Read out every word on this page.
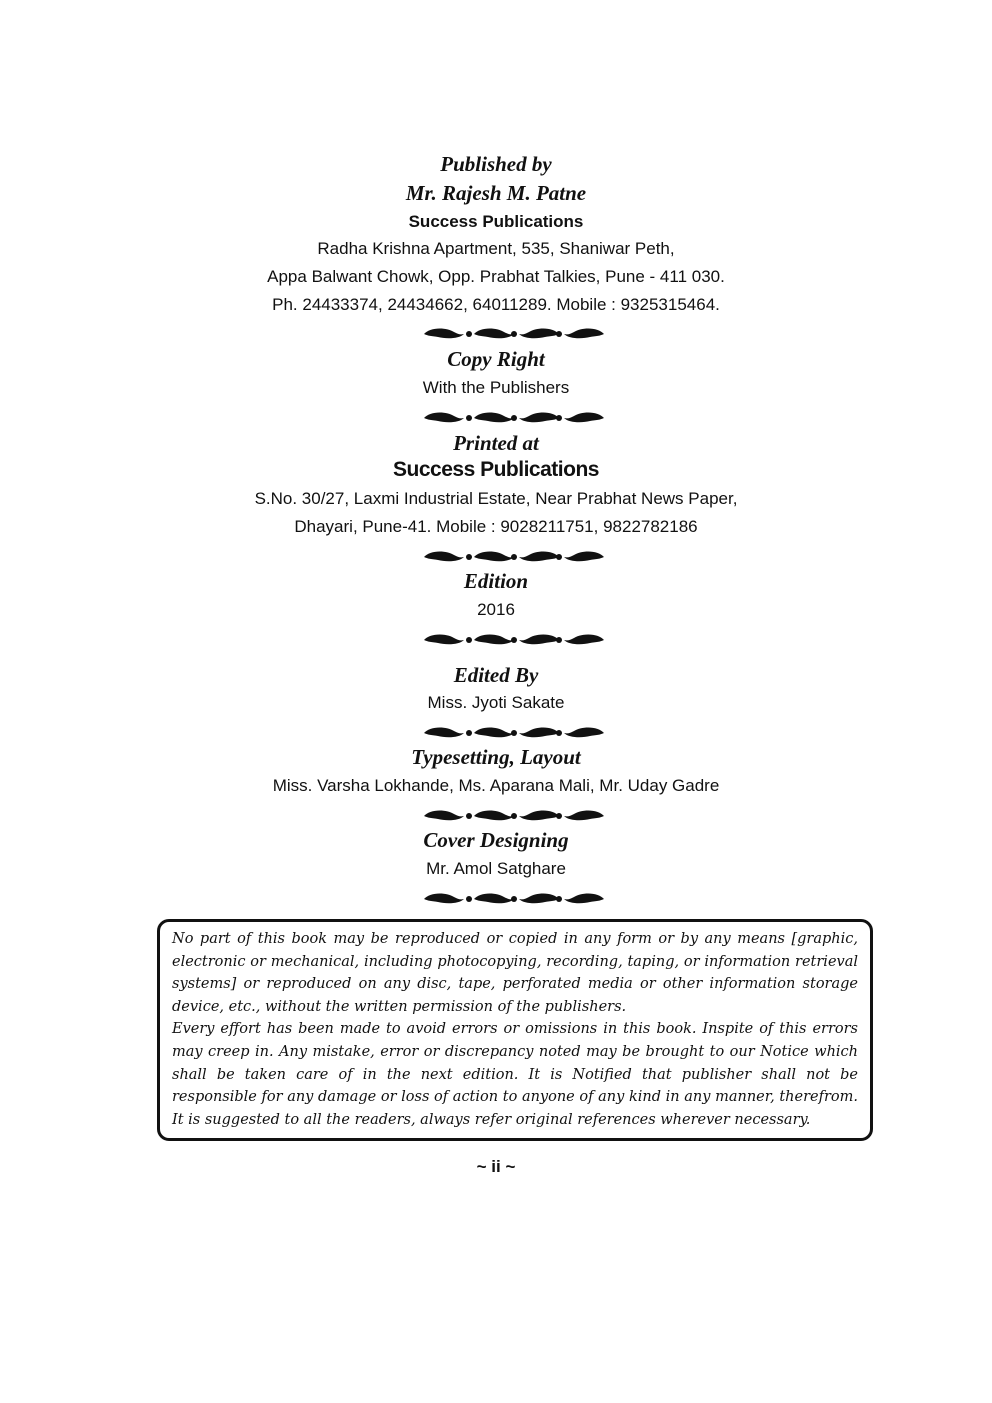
Published by
Mr. Rajesh M. Patne
Success Publications
Radha Krishna Apartment, 535, Shaniwar Peth,
Appa Balwant Chowk, Opp. Prabhat Talkies, Pune - 411 030.
Ph. 24433374, 24434662, 64011289. Mobile : 9325315464.
Copy Right
With the Publishers
Printed at
Success Publications
S.No. 30/27, Laxmi Industrial Estate, Near Prabhat News Paper,
Dhayari, Pune-41. Mobile : 9028211751, 9822782186
Edition
2016
Edited By
Miss. Jyoti Sakate
Typesetting, Layout
Miss. Varsha Lokhande, Ms. Aparana Mali, Mr. Uday Gadre
Cover Designing
Mr. Amol Satghare

No part of this book may be reproduced or copied in any form or by any means [graphic, electronic or mechanical, including photocopying, recording, taping, or information retrieval systems] or reproduced on any disc, tape, perforated media or other information storage device, etc., without the written permission of the publishers.

Every effort has been made to avoid errors or omissions in this book. Inspite of this errors may creep in. Any mistake, error or discrepancy noted may be brought to our Notice which shall be taken care of in the next edition. It is Notified that publisher shall not be responsible for any damage or loss of action to anyone of any kind in any manner, therefrom. It is suggested to all the readers, always refer original references wherever necessary.

~ ii ~
